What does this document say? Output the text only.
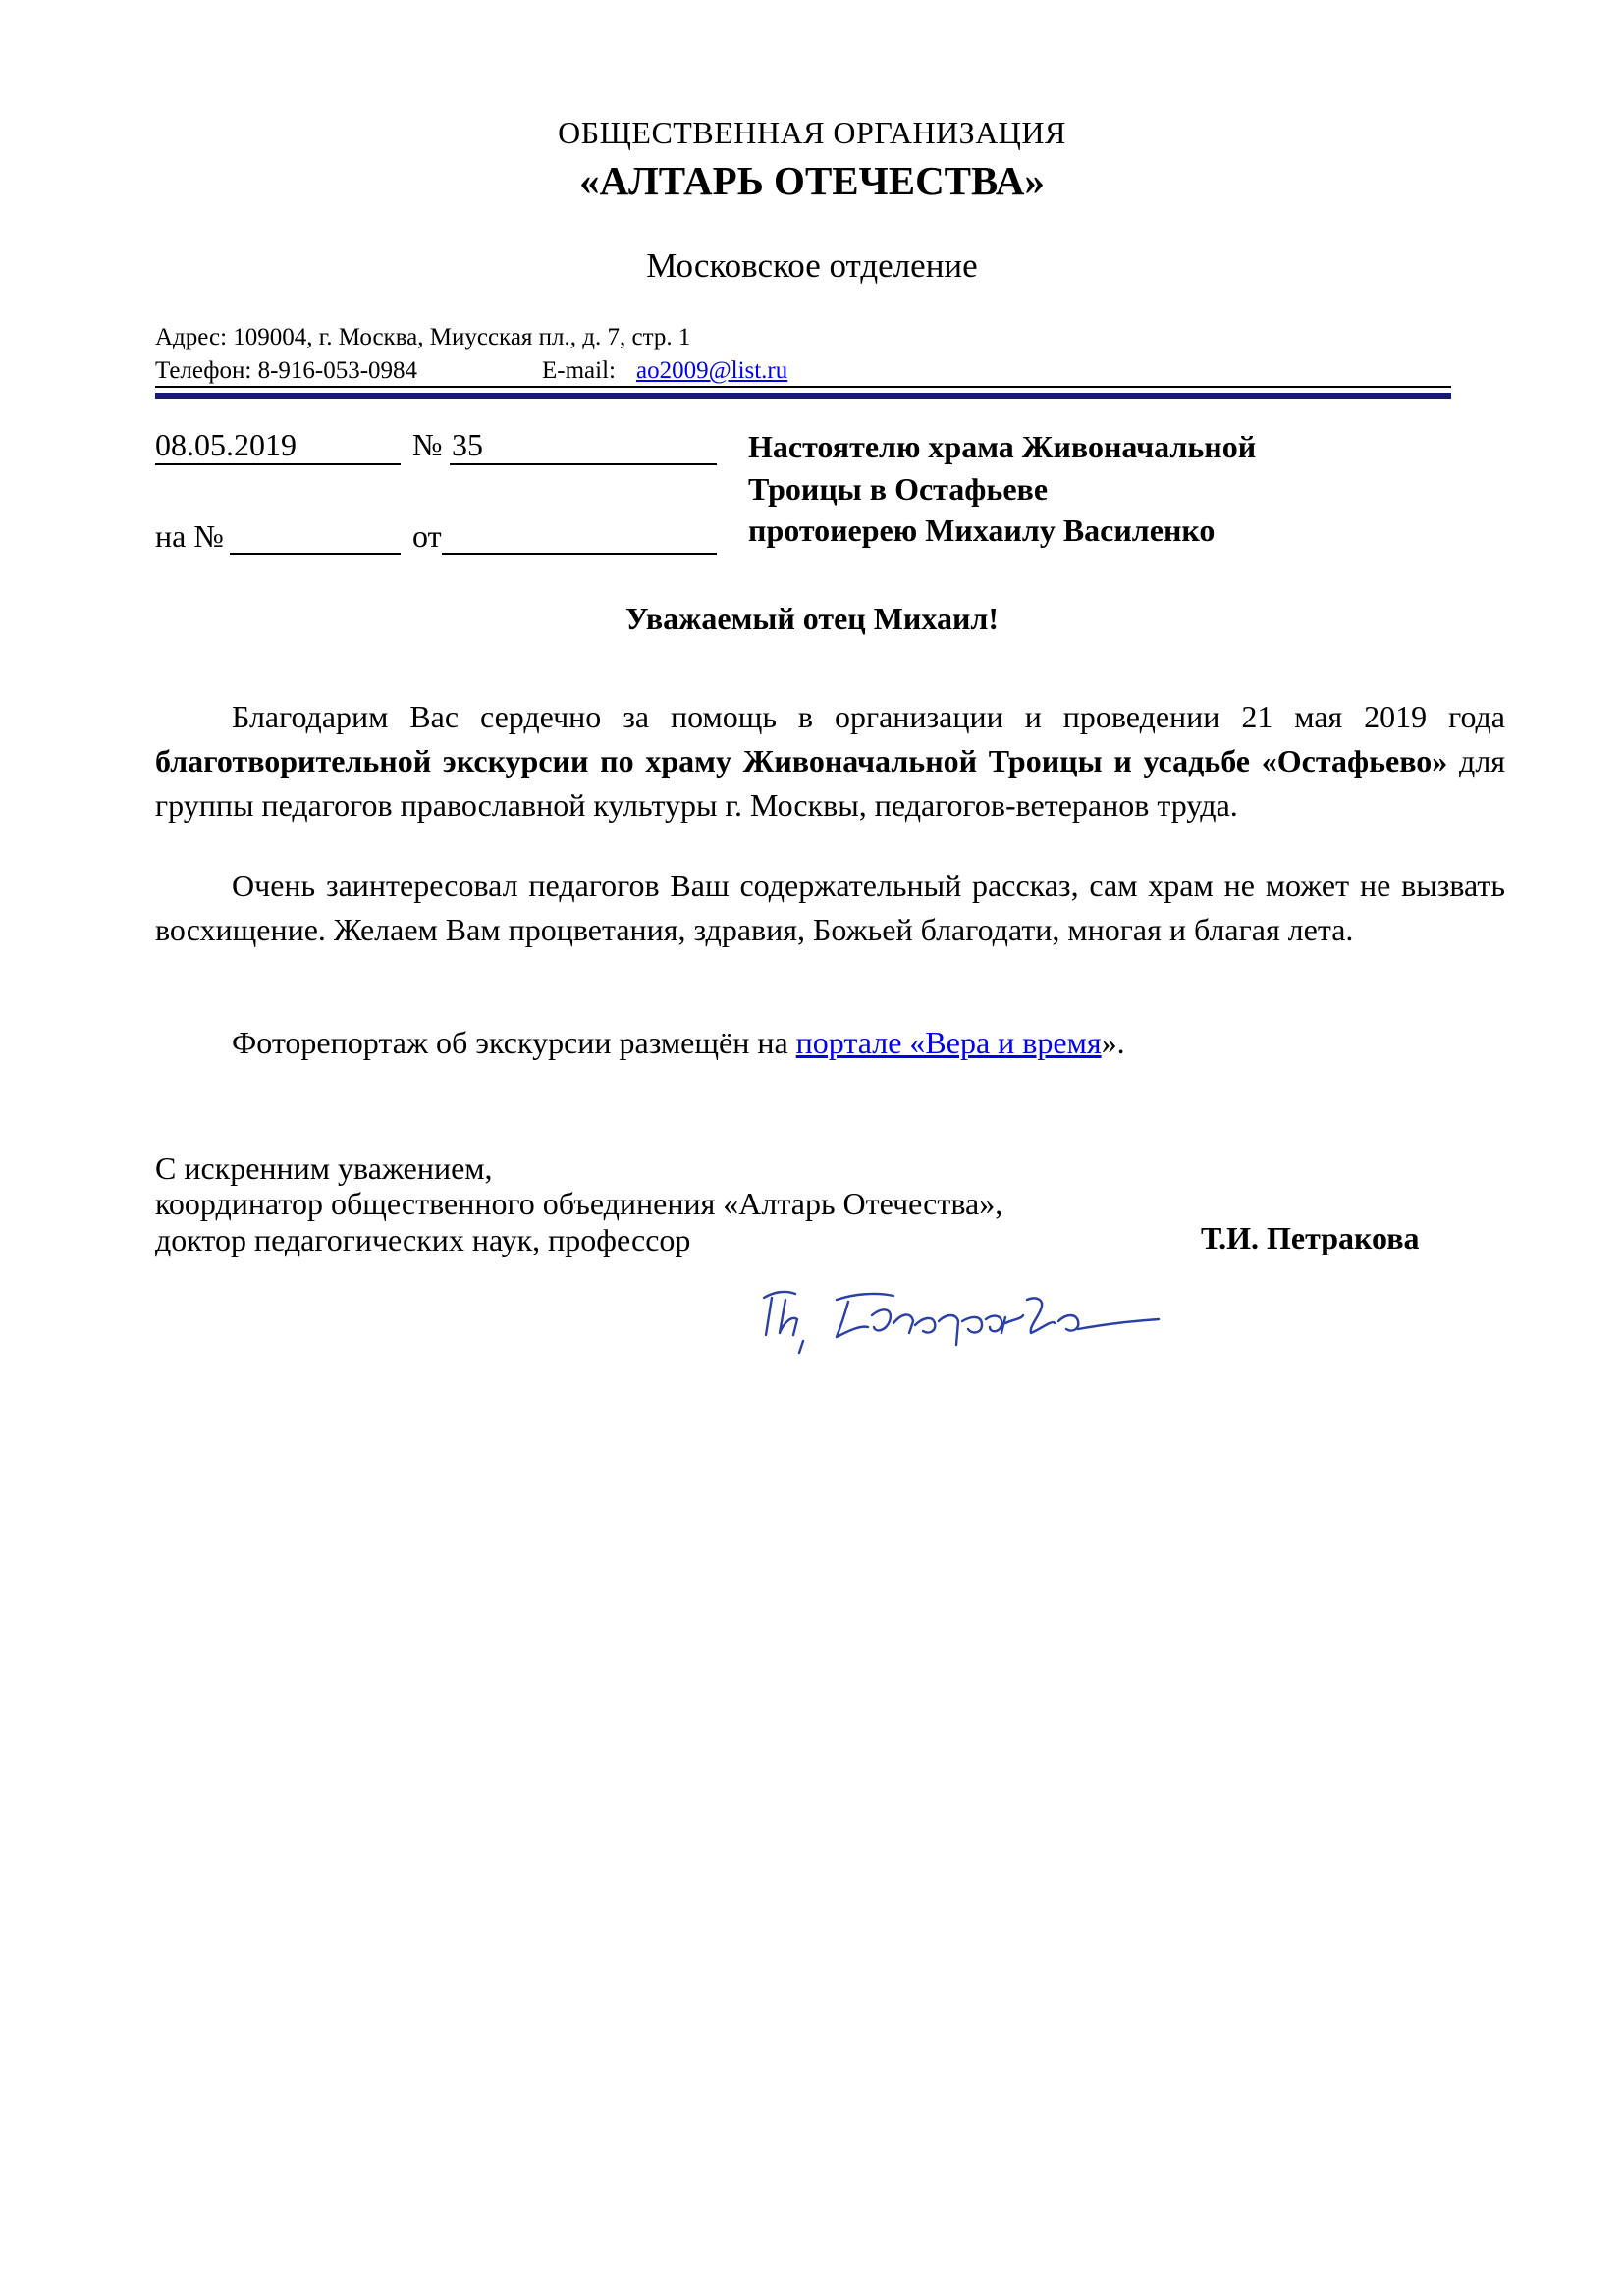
ОБЩЕСТВЕННАЯ ОРГАНИЗАЦИЯ
«АЛТАРЬ ОТЕЧЕСТВА»
Московское отделение
Адрес: 109004, г. Москва, Миусская пл., д. 7, стр. 1
Телефон: 8-916-053-0984	E-mail: ao2009@list.ru
08.05.2019	№ 35
на №	от
Настоятелю храма Живоначальной
Троицы в Остафьеве
протоиерею Михаилу Василенко
Уважаемый отец Михаил!

Благодарим Вас сердечно за помощь в организации и проведении 21 мая 2019 года благотворительной экскурсии по храму Живоначальной Троицы и усадьбе «Остафьево» для группы педагогов православной культуры г. Москвы, педагогов-ветеранов труда.

Очень заинтересовал педагогов Ваш содержательный рассказ, сам храм не может не вызвать восхищение. Желаем Вам процветания, здравия, Божьей благодати, многая и благая лета.

Фоторепортаж об экскурсии размещён на портале «Вера и время».

С искренним уважением,
координатор общественного объединения «Алтарь Отечества»,
доктор педагогических наук, профессор	Т.И. Петракова
